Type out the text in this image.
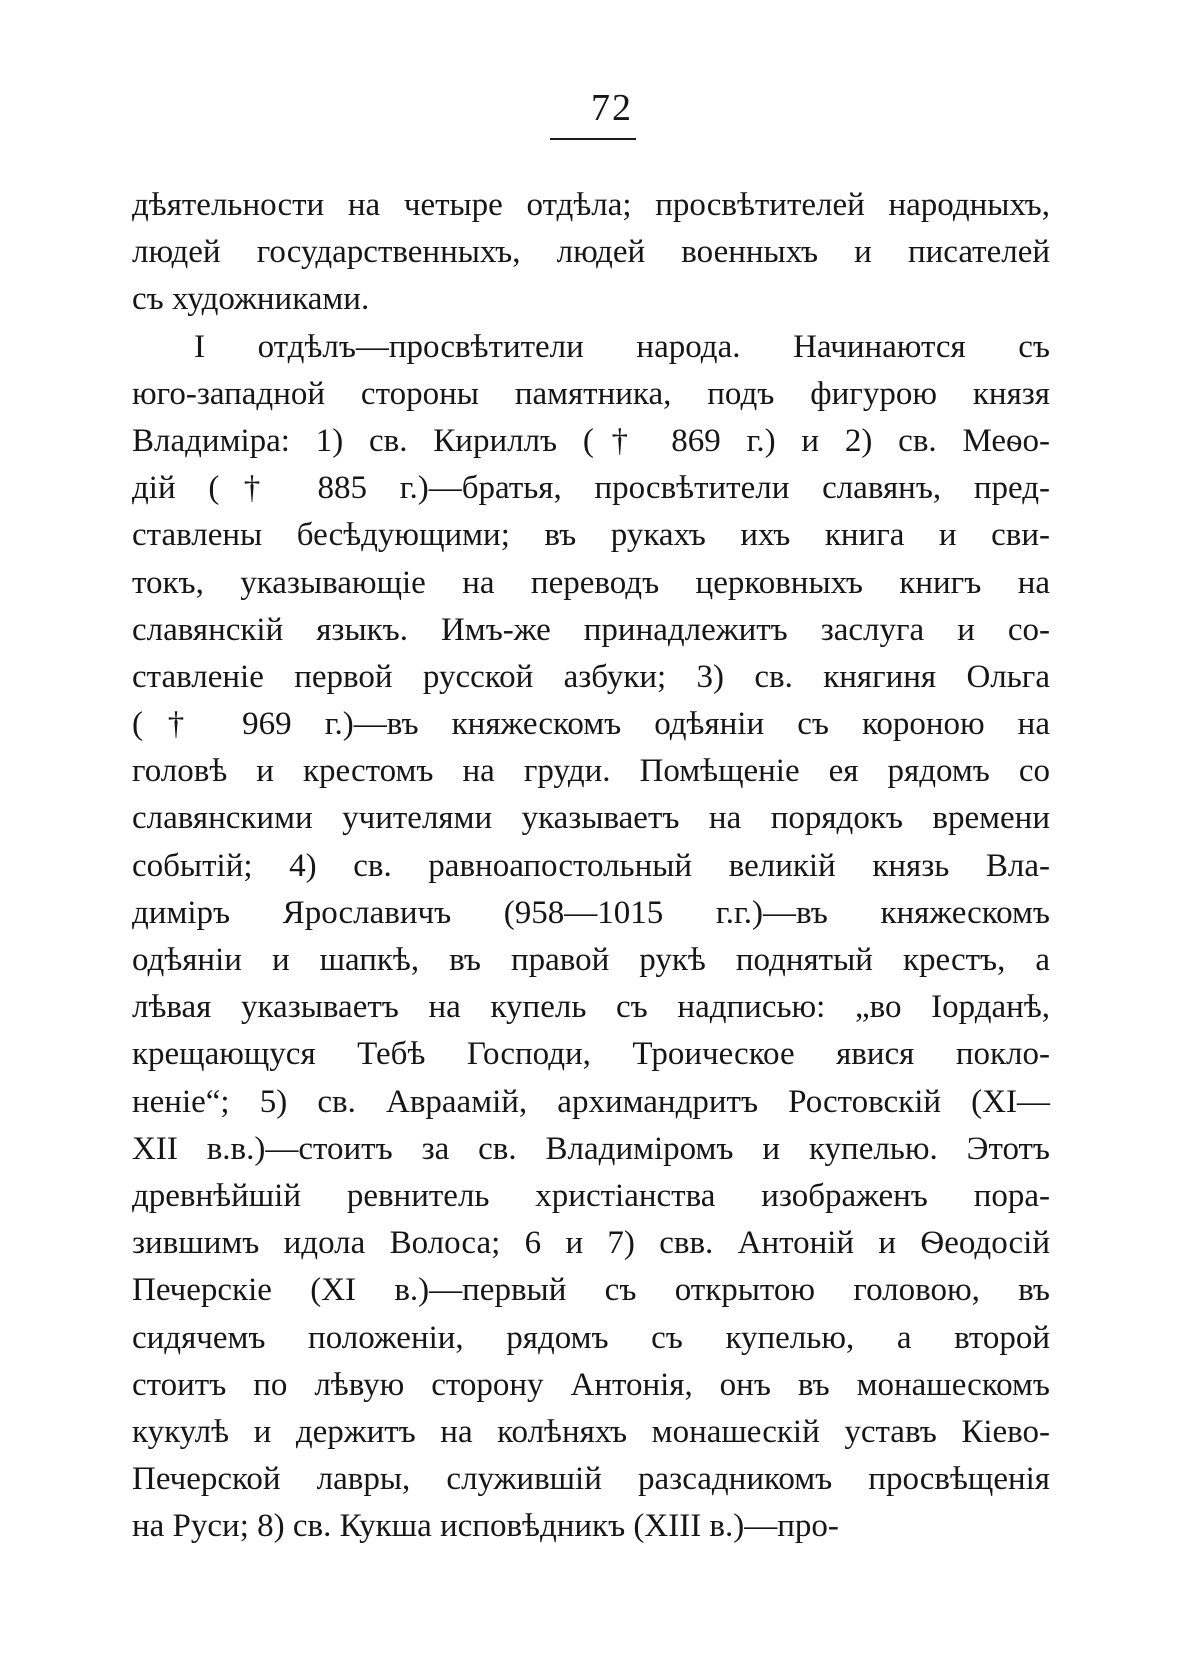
72
дѣятельности на четыре отдѣла; просвѣтителей народныхъ,
людей государственныхъ, людей военныхъ и писателей
съ художниками.
I отдѣлъ—просвѣтители народа. Начинаются съ
юго-западной стороны памятника, подъ фигурою князя
Владиміра: 1) св. Кириллъ († 869 г.) и 2) св. Меѳо-
дій († 885 г.)—братья, просвѣтители славянъ, пред-
ставлены бесѣдующими; въ рукахъ ихъ книга и сви-
токъ, указывающіе на переводъ церковныхъ книгъ на
славянскій языкъ. Имъ-же принадлежитъ заслуга и со-
ставленіе первой русской азбуки; 3) св. княгиня Ольга
(† 969 г.)—въ княжескомъ одѣяніи съ короною на
головѣ и крестомъ на груди. Помѣщеніе ея рядомъ со
славянскими учителями указываетъ на порядокъ времени
событій; 4) св. равноапостольный великій князь Вла-
диміръ Ярославичъ (958—1015 г.г.)—въ княжескомъ
одѣяніи и шапкѣ, въ правой рукѣ поднятый крестъ, а
лѣвая указываетъ на купель съ надписью: „во Іорданѣ,
крещающуся Тебѣ Господи, Троическое явися покло-
неніе“; 5) св. Авраамій, архимандритъ Ростовскій (XI—
XII в.в.)—стоитъ за св. Владиміромъ и купелью. Этотъ
древнѣйшій ревнитель христіанства изображенъ пора-
зившимъ идола Волоса; 6 и 7) свв. Антоній и Ѳеодосій
Печерскіе (XI в.)—первый съ открытою головою, въ
сидячемъ положеніи, рядомъ съ купелью, а второй
стоитъ по лѣвую сторону Антонія, онъ въ монашескомъ
кукулѣ и держитъ на колѣняхъ монашескій уставъ Кіево-
Печерской лавры, служившій разсадникомъ просвѣщенія
на Руси; 8) св. Кукша исповѣдникъ (XIII в.)—про-
